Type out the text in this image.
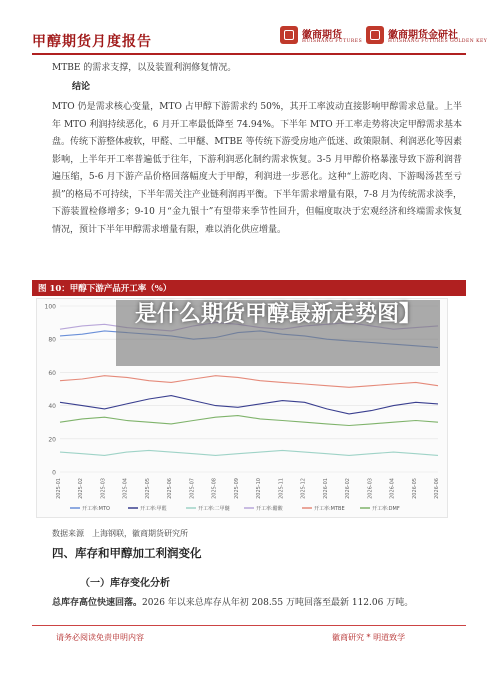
甲醇期货月度报告	徽商期货
HUISHANG FUTURES
徽商期货金研社
HUISHANG FUTURES GOLDEN KEY
MTBE 的需求支撑，以及装置利润修复情况。
结论
MTO 仍是需求核心变量，MTO 占甲醇下游需求约 50%，其开工率波动直接影响甲醇需求总量。上半年 MTO 利润持续恶化，6 月开工率最低降至 74.94%。下半年 MTO 开工率走势将决定甲醇需求基本盘。传统下游整体疲软，甲醛、二甲醚、MTBE 等传统下游受房地产低迷、政策限制、利润恶化等因素影响，上半年开工率普遍低于往年，下游利润恶化制约需求恢复。3-5 月甲醇价格暴涨导致下游利润普遍压缩，5-6 月下游产品价格回落幅度大于甲醇，利润进一步恶化。这种“上游吃肉、下游喝汤甚至亏损”的格局不可持续，下半年需关注产业链利润再平衡。下半年需求增量有限，7-8 月为传统需求淡季，下游装置检修增多；9-10 月“金九银十”有望带来季节性回升，但幅度取决于宏观经济和终端需求恢复情况，预计下半年甲醇需求增量有限，难以消化供应增量。
图 10：甲醇下游产品开工率（%）
0
20
40
60
80
100
2025-01	2025-02	2025-03	2025-04	2025-05	2025-06	2025-07	2025-08	2025-09	2025-10	2025-11	2025-12	2026-01	2026-02	2026-03	2026-04	2026-05	2026-06
开工率:MTO	开工率:甲醛	开工率:二甲醚	开工率:醋酸	开工率:MTBE	开工率:DMF
是什么期货甲醇最新走势图】
数据来源　上海钢联，徽商期货研究所
四、库存和甲醇加工利润变化
（一）库存变化分析
总库存高位快速回落。2026 年以来总库存从年初 208.55 万吨回落至最新 112.06 万吨。
请务必阅读免责申明内容	徽商研究 * 明道致学
